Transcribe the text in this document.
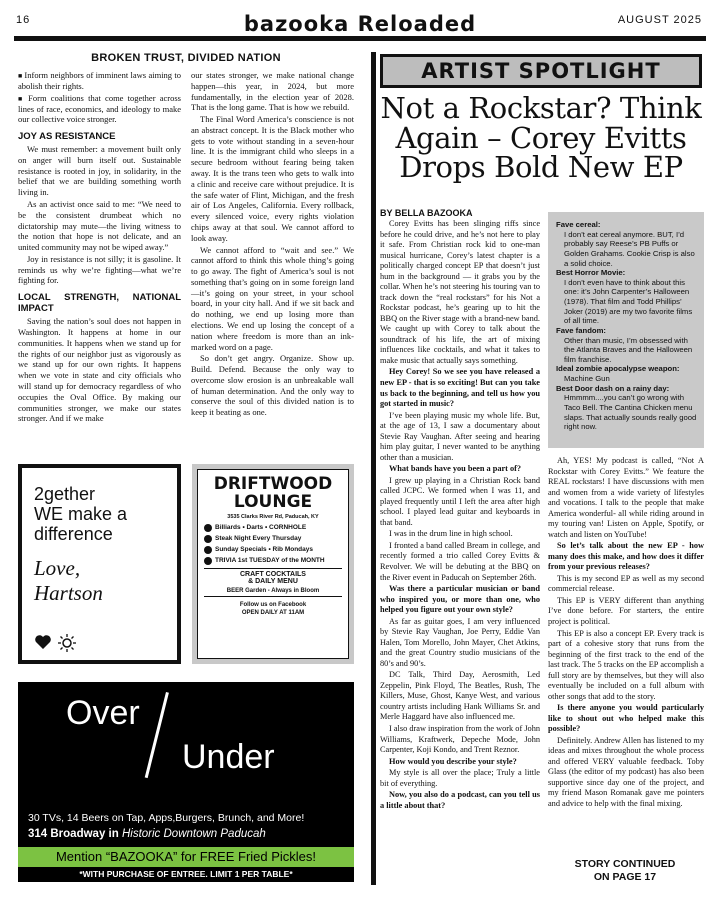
16	bazooka Reloaded	AUGUST 2025
BROKEN TRUST, DIVIDED NATION

■ Inform neighbors of imminent laws aiming to abolish their rights.

■ Form coalitions that come together across lines of race, economics, and ideology to make our collective voice stronger.

JOY AS RESISTANCE

We must remember: a movement built only on anger will burn itself out. Sustainable resistance is rooted in joy, in solidarity, in the belief that we are building something worth living in.

As an activist once said to me: “We need to be the consistent drumbeat which no dictatorship may mute—the living witness to the notion that hope is not delicate, and an united community may not be wiped away.”

Joy in resistance is not silly; it is gasoline. It reminds us why we’re fighting—what we’re fighting for.

LOCAL STRENGTH, NATIONAL IMPACT

Saving the nation’s soul does not happen in Washington. It happens at home in our communities. It happens when we stand up for the rights of our neighbor just as vigorously as we stand up for our own rights. It happens when we vote in state and city officials who will stand up for democracy regardless of who occupies the Oval Office. By making our communities stronger, we make our states stronger. And if we make

our states stronger, we make national change happen—this year, in 2024, but more fundamentally, in the election year of 2028. That is the long game. That is how we rebuild.

The Final Word America’s conscience is not an abstract concept. It is the Black mother who gets to vote without standing in a seven-hour line. It is the immigrant child who sleeps in a secure bedroom without fearing being taken away. It is the trans teen who gets to walk into a clinic and receive care without prejudice. It is the safe water of Flint, Michigan, and the fresh air of Los Angeles, California. Every rollback, every silenced voice, every rights violation chips away at that soul. We cannot afford to look away.

We cannot afford to “wait and see.” We cannot afford to think this whole thing’s going to go away. The fight of America’s soul is not something that’s going on in some foreign land—it’s going on your street, in your school board, in your city hall. And if we sit back and do nothing, we end up losing more than elections. We end up losing the concept of a nation where freedom is more than an ink-marked word on a page.

So don’t get angry. Organize. Show up. Build. Defend. Because the only way to overcome slow erosion is an unbreakable wall of human determination. And the only way to conserve the soul of this divided nation is to keep it beating as one.

2gether
WE make a
difference
Love,
Hartson
DRIFTWOOD
LOUNGE
3535 Clarks River Rd, Paducah, KY
Billiards • Darts • CORNHOLE
Steak Night Every Thursday
Sunday Specials • Rib Mondays
TRIVIA 1st TUESDAY of the MONTH
CRAFT COCKTAILS
& DAILY MENU
BEER Garden - Always in Bloom
Follow us on Facebook
OPEN DAILY AT 11AM
Over
Under
30 TVs, 14 Beers on Tap, Apps,Burgers, Brunch, and More!
314 Broadway in Historic Downtown Paducah
Mention “BAZOOKA” for FREE Fried Pickles!
*WITH PURCHASE OF ENTREE. LIMIT 1 PER TABLE*
ARTIST SPOTLIGHT
Not a Rockstar? Think Again – Corey Evitts Drops Bold New EP
BY BELLA BAZOOKA

Corey Evitts has been slinging riffs since before he could drive, and he’s not here to play it safe. From Christian rock kid to one-man musical hurricane, Corey’s latest chapter is a politically charged concept EP that doesn’t just hum in the background — it grabs you by the collar. When he’s not steering his touring van to track down the “real rockstars” for his Not a Rockstar podcast, he’s gearing up to hit the BBQ on the River stage with a brand-new band. We caught up with Corey to talk about the soundtrack of his life, the art of mixing influences like cocktails, and what it takes to make music that actually says something.

Hey Corey! So we see you have released a new EP - that is so exciting! But can you take us back to the beginning, and tell us how you got started in music?

I’ve been playing music my whole life. But, at the age of 13, I saw a documentary about Stevie Ray Vaughan. After seeing and hearing him play guitar, I never wanted to be anything other than a musician.

What bands have you been a part of?

I grew up playing in a Christian Rock band called JCPC. We formed when I was 11, and played frequently until I left the area after high school. I played lead guitar and keyboards in that band.

I was in the drum line in high school.

I fronted a band called Bream in college, and recently formed a trio called Corey Evitts & Revolver. We will be debuting at the BBQ on the River event in Paducah on September 26th.

Was there a particular musician or band who inspired you, or more than one, who helped you figure out your own style?

As far as guitar goes, I am very influenced by Stevie Ray Vaughan, Joe Perry, Eddie Van Halen, Tom Morello, John Mayer, Chet Atkins, and the great Country studio musicians of the 80’s and 90’s.

DC Talk, Third Day, Aerosmith, Led Zeppelin, Pink Floyd, The Beatles, Rush, The Killers, Muse, Ghost, Kanye West, and various country artists including Hank Williams Sr. and Merle Haggard have also influenced me.

I also draw inspiration from the work of John Williams, Kraftwerk, Depeche Mode, John Carpenter, Koji Kondo, and Trent Reznor.

How would you describe your style?

My style is all over the place; Truly a little bit of everything.

Now, you also do a podcast, can you tell us a little about that?

Fave cereal:
I don’t eat cereal anymore. BUT, I’d probably say Reese’s PB Puffs or Golden Grahams. Cookie Crisp is also a solid choice.
Best Horror Movie:
I don’t even have to think about this one: it’s John Carpenter’s Halloween (1978). That film and Todd Phillips’ Joker (2019) are my two favorite films of all time.
Fave fandom:
Other than music, I’m obsessed with the Atlanta Braves and the Halloween film franchise.
Ideal zombie apocalypse weapon:
Machine Gun
Best Door dash on a rainy day:
Hmmmm....you can’t go wrong with Taco Bell. The Cantina Chicken menu slaps. That actually sounds really good right now.

Ah, YES! My podcast is called, “Not A Rockstar with Corey Evitts.” We feature the REAL rockstars! I have discussions with men and women from a wide variety of lifestyles and vocations. I talk to the people that make America wonderful- all while riding around in my touring van! Listen on Apple, Spotify, or watch and listen on YouTube!

So let’s talk about the new EP - how many does this make, and how does it differ from your previous releases?

This is my second EP as well as my second commercial release.

This EP is VERY different than anything I’ve done before. For starters, the entire project is political.

This EP is also a concept EP. Every track is part of a cohesive story that runs from the beginning of the first track to the end of the last track. The 5 tracks on the EP accomplish a full story are by themselves, but they will also eventually be included on a full album with other songs that add to the story.

Is there anyone you would particularly like to shout out who helped make this possible?

Definitely. Andrew Allen has listened to my ideas and mixes throughout the whole process and offered VERY valuable feedback. Toby Glass (the editor of my podcast) has also been supportive since day one of the project, and my friend Mason Romanak gave me pointers and advice to help with the final mixing.

STORY CONTINUED
ON PAGE 17
